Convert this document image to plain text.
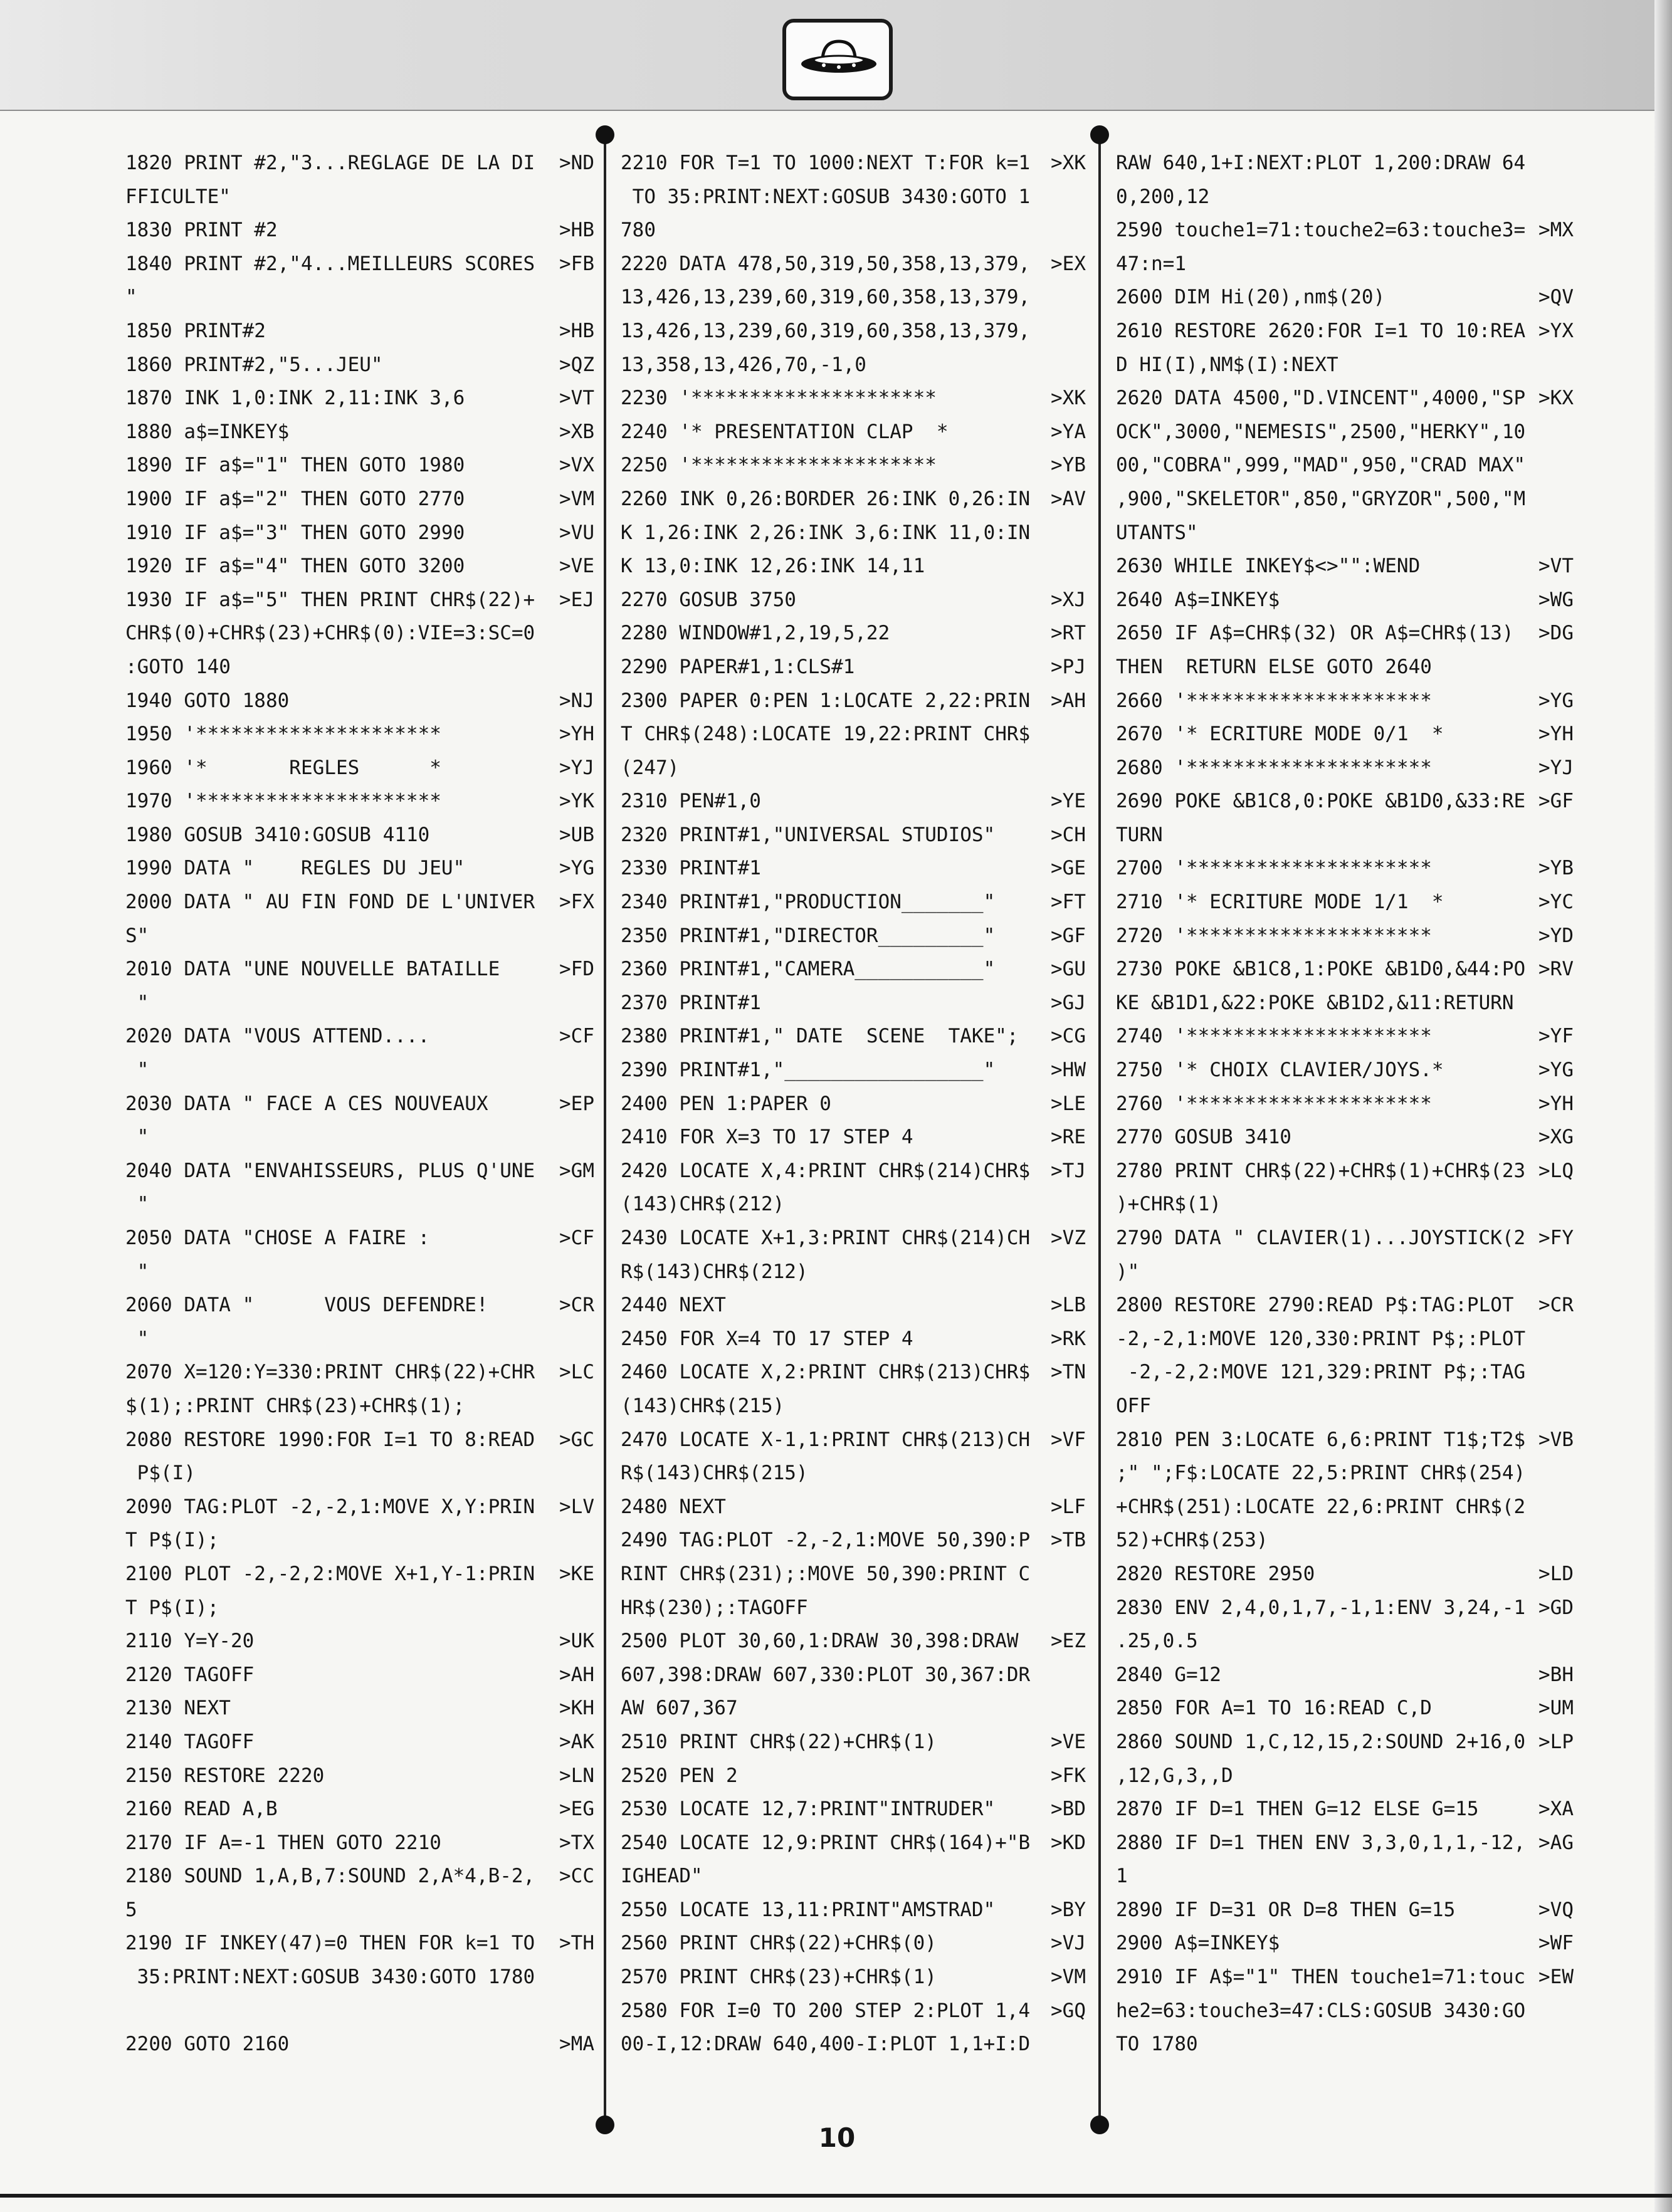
1820 PRINT #2,"3...REGLAGE DE LA DI >ND
FFICULTE"
1830 PRINT #2	>HB
1840 PRINT #2,"4...MEILLEURS SCORES >FB
"
1850 PRINT#2	>HB
1860 PRINT#2,"5...JEU"	>QZ
1870 INK 1,0:INK 2,11:INK 3,6	>VT
1880 a$=INKEY$	>XB
1890 IF a$="1" THEN GOTO 1980	>VX
1900 IF a$="2" THEN GOTO 2770	>VM
1910 IF a$="3" THEN GOTO 2990	>VU
1920 IF a$="4" THEN GOTO 3200	>VE
1930 IF a$="5" THEN PRINT CHR$(22)+ >EJ
CHR$(0)+CHR$(23)+CHR$(0):VIE=3:SC=0
:GOTO 140
1940 GOTO 1880	>NJ
1950 '*********************	>YH
1960 '*       REGLES      *	>YJ
1970 '*********************	>YK
1980 GOSUB 3410:GOSUB 4110	>UB
1990 DATA "    REGLES DU JEU"	>YG
2000 DATA " AU FIN FOND DE L'UNIVER >FX
S"
2010 DATA "UNE NOUVELLE BATAILLE	>FD
"
2020 DATA "VOUS ATTEND....	>CF
"
2030 DATA " FACE A CES NOUVEAUX	>EP
"
2040 DATA "ENVAHISSEURS, PLUS Q'UNE >GM
"
2050 DATA "CHOSE A FAIRE :	>CF
"
2060 DATA "      VOUS DEFENDRE!	>CR
"
2070 X=120:Y=330:PRINT CHR$(22)+CHR >LC
$(1);:PRINT CHR$(23)+CHR$(1);
2080 RESTORE 1990:FOR I=1 TO 8:READ >GC
P$(I)
2090 TAG:PLOT -2,-2,1:MOVE X,Y:PRIN >LV
T P$(I);
2100 PLOT -2,-2,2:MOVE X+1,Y-1:PRIN >KE
T P$(I);
2110 Y=Y-20	>UK
2120 TAGOFF	>AH
2130 NEXT	>KH
2140 TAGOFF	>AK
2150 RESTORE 2220	>LN
2160 READ A,B	>EG
2170 IF A=-1 THEN GOTO 2210	>TX
2180 SOUND 1,A,B,7:SOUND 2,A*4,B-2, >CC
5
2190 IF INKEY(47)=0 THEN FOR k=1 TO >TH
35:PRINT:NEXT:GOSUB 3430:GOTO 1780
2200 GOTO 2160	>MA
2210 FOR T=1 TO 1000:NEXT T:FOR k=1 >XK
TO 35:PRINT:NEXT:GOSUB 3430:GOTO 1
780
2220 DATA 478,50,319,50,358,13,379, >EX
13,426,13,239,60,319,60,358,13,379,
13,426,13,239,60,319,60,358,13,379,
13,358,13,426,70,-1,0
2230 '*********************	>XK
2240 '* PRESENTATION CLAP  *	>YA
2250 '*********************	>YB
2260 INK 0,26:BORDER 26:INK 0,26:IN >AV
K 1,26:INK 2,26:INK 3,6:INK 11,0:IN
K 13,0:INK 12,26:INK 14,11
2270 GOSUB 3750	>XJ
2280 WINDOW#1,2,19,5,22	>RT
2290 PAPER#1,1:CLS#1	>PJ
2300 PAPER 0:PEN 1:LOCATE 2,22:PRIN >AH
T CHR$(248):LOCATE 19,22:PRINT CHR$
(247)
2310 PEN#1,0	>YE
2320 PRINT#1,"UNIVERSAL STUDIOS"	>CH
2330 PRINT#1	>GE
2340 PRINT#1,"PRODUCTION_______"	>FT
2350 PRINT#1,"DIRECTOR_________"	>GF
2360 PRINT#1,"CAMERA___________"	>GU
2370 PRINT#1	>GJ
2380 PRINT#1," DATE  SCENE  TAKE"; >CG
2390 PRINT#1,"_________________"	>HW
2400 PEN 1:PAPER 0	>LE
2410 FOR X=3 TO 17 STEP 4	>RE
2420 LOCATE X,4:PRINT CHR$(214)CHR$ >TJ
(143)CHR$(212)
2430 LOCATE X+1,3:PRINT CHR$(214)CH >VZ
R$(143)CHR$(212)
2440 NEXT	>LB
2450 FOR X=4 TO 17 STEP 4	>RK
2460 LOCATE X,2:PRINT CHR$(213)CHR$ >TN
(143)CHR$(215)
2470 LOCATE X-1,1:PRINT CHR$(213)CH >VF
R$(143)CHR$(215)
2480 NEXT	>LF
2490 TAG:PLOT -2,-2,1:MOVE 50,390:P >TB
RINT CHR$(231);:MOVE 50,390:PRINT C
HR$(230);:TAGOFF
2500 PLOT 30,60,1:DRAW 30,398:DRAW >EZ
607,398:DRAW 607,330:PLOT 30,367:DR
AW 607,367
2510 PRINT CHR$(22)+CHR$(1)	>VE
2520 PEN 2	>FK
2530 LOCATE 12,7:PRINT"INTRUDER"	>BD
2540 LOCATE 12,9:PRINT CHR$(164)+"B >KD
IGHEAD"
2550 LOCATE 13,11:PRINT"AMSTRAD"	>BY
2560 PRINT CHR$(22)+CHR$(0)	>VJ
2570 PRINT CHR$(23)+CHR$(1)	>VM
2580 FOR I=0 TO 200 STEP 2:PLOT 1,4 >GQ
00-I,12:DRAW 640,400-I:PLOT 1,1+I:D
RAW 640,1+I:NEXT:PLOT 1,200:DRAW 64
0,200,12
2590 touche1=71:touche2=63:touche3= >MX
47:n=1
2600 DIM Hi(20),nm$(20)	>QV
2610 RESTORE 2620:FOR I=1 TO 10:REA >YX
D HI(I),NM$(I):NEXT
2620 DATA 4500,"D.VINCENT",4000,"SP >KX
OCK",3000,"NEMESIS",2500,"HERKY",10
00,"COBRA",999,"MAD",950,"CRAD MAX"
,900,"SKELETOR",850,"GRYZOR",500,"M
UTANTS"
2630 WHILE INKEY$<>"":WEND	>VT
2640 A$=INKEY$	>WG
2650 IF A$=CHR$(32) OR A$=CHR$(13) >DG
THEN  RETURN ELSE GOTO 2640
2660 '*********************	>YG
2670 '* ECRITURE MODE 0/1  *	>YH
2680 '*********************	>YJ
2690 POKE &B1C8,0:POKE &B1D0,&33:RE >GF
TURN
2700 '*********************	>YB
2710 '* ECRITURE MODE 1/1  *	>YC
2720 '*********************	>YD
2730 POKE &B1C8,1:POKE &B1D0,&44:PO >RV
KE &B1D1,&22:POKE &B1D2,&11:RETURN
2740 '*********************	>YF
2750 '* CHOIX CLAVIER/JOYS.*	>YG
2760 '*********************	>YH
2770 GOSUB 3410	>XG
2780 PRINT CHR$(22)+CHR$(1)+CHR$(23 >LQ
)+CHR$(1)
2790 DATA " CLAVIER(1)...JOYSTICK(2 >FY
)"
2800 RESTORE 2790:READ P$:TAG:PLOT >CR
-2,-2,1:MOVE 120,330:PRINT P$;:PLOT
-2,-2,2:MOVE 121,329:PRINT P$;:TAG
OFF
2810 PEN 3:LOCATE 6,6:PRINT T1$;T2$ >VB
;" ";F$:LOCATE 22,5:PRINT CHR$(254)
+CHR$(251):LOCATE 22,6:PRINT CHR$(2
52)+CHR$(253)
2820 RESTORE 2950	>LD
2830 ENV 2,4,0,1,7,-1,1:ENV 3,24,-1 >GD
.25,0.5
2840 G=12	>BH
2850 FOR A=1 TO 16:READ C,D	>UM
2860 SOUND 1,C,12,15,2:SOUND 2+16,0 >LP
,12,G,3,,D
2870 IF D=1 THEN G=12 ELSE G=15	>XA
2880 IF D=1 THEN ENV 3,3,0,1,1,-12, >AG
1
2890 IF D=31 OR D=8 THEN G=15	>VQ
2900 A$=INKEY$	>WF
2910 IF A$="1" THEN touche1=71:touc >EW
he2=63:touche3=47:CLS:GOSUB 3430:GO
TO 1780
10
